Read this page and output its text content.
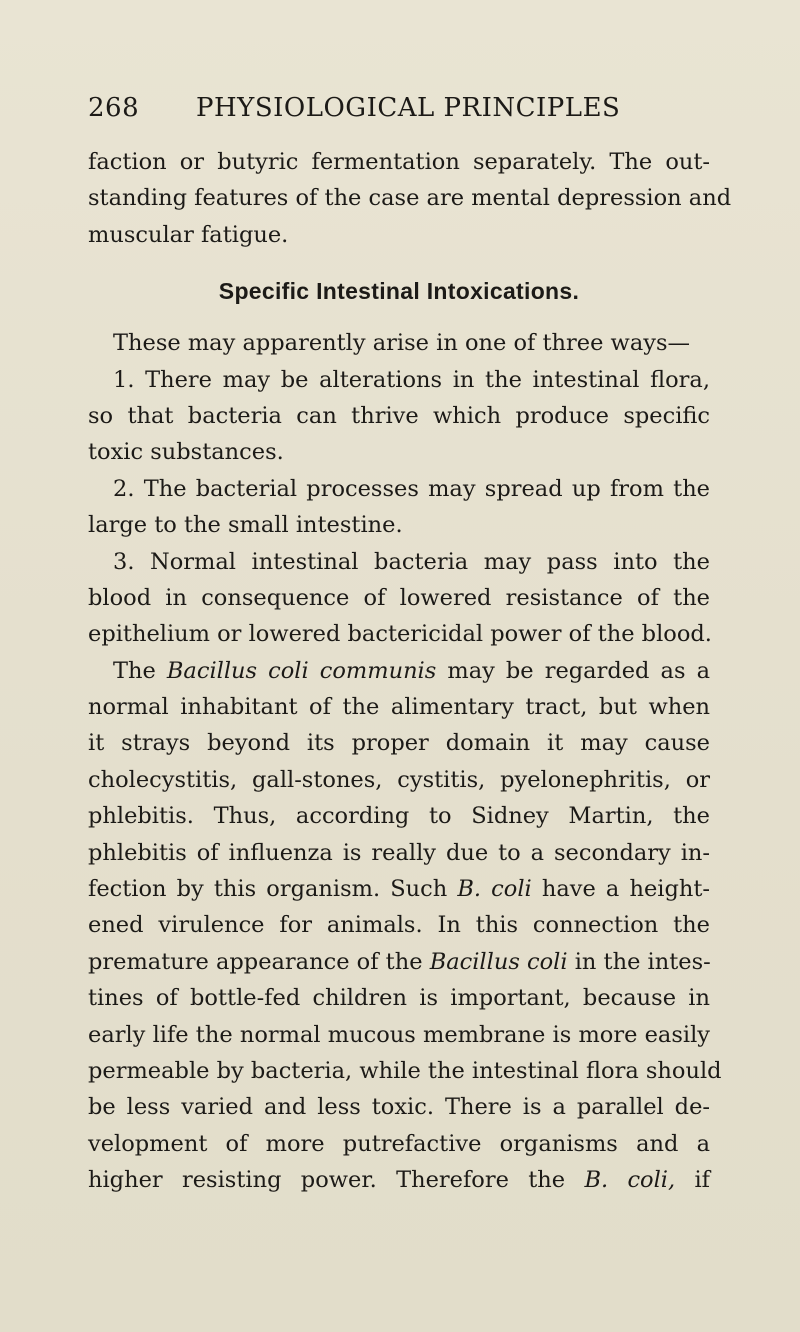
268 PHYSIOLOGICAL PRINCIPLES
faction or butyric fermentation separately. The out-
standing features of the case are mental depression and
muscular fatigue.
Specific Intestinal Intoxications.
These may apparently arise in one of three ways—
1. There may be alterations in the intestinal flora,
so that bacteria can thrive which produce specific
toxic substances.
2. The bacterial processes may spread up from the
large to the small intestine.
3. Normal intestinal bacteria may pass into the
blood in consequence of lowered resistance of the
epithelium or lowered bactericidal power of the blood.
The Bacillus coli communis may be regarded as a
normal inhabitant of the alimentary tract, but when
it strays beyond its proper domain it may cause
cholecystitis, gall-stones, cystitis, pyelonephritis, or
phlebitis. Thus, according to Sidney Martin, the
phlebitis of influenza is really due to a secondary in-
fection by this organism. Such B. coli have a height-
ened virulence for animals. In this connection the
premature appearance of the Bacillus coli in the intes-
tines of bottle-fed children is important, because in
early life the normal mucous membrane is more easily
permeable by bacteria, while the intestinal flora should
be less varied and less toxic. There is a parallel de-
velopment of more putrefactive organisms and a
higher resisting power. Therefore the B. coli, if
